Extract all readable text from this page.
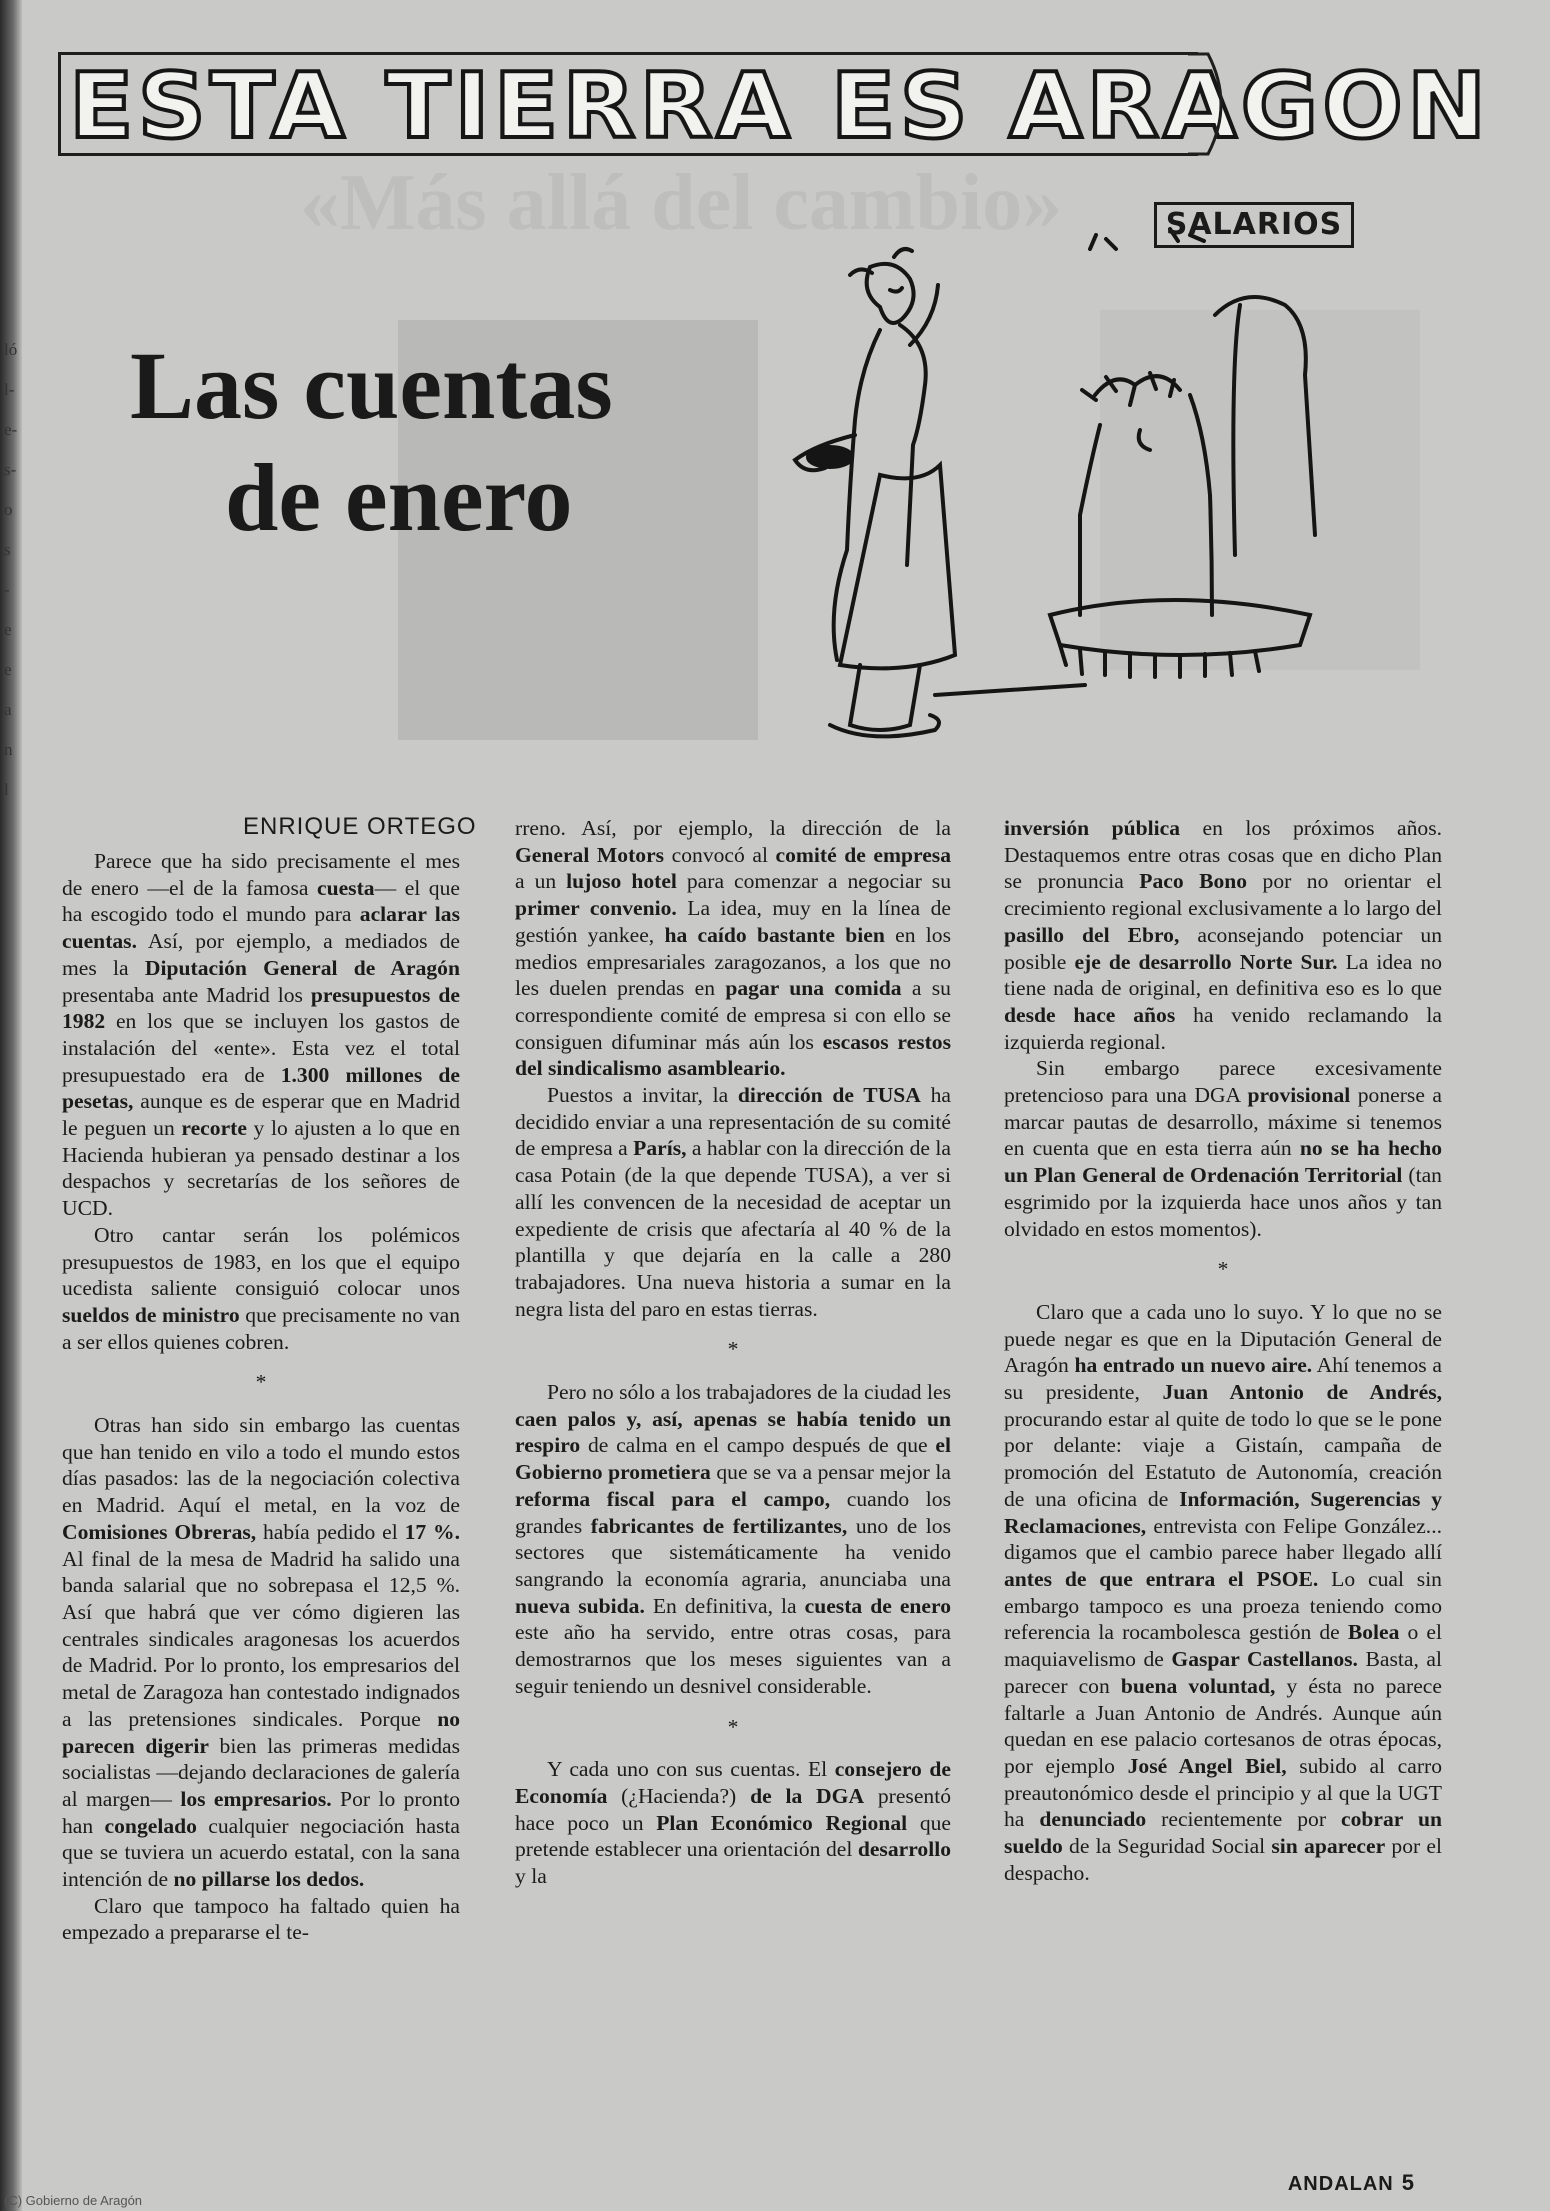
ló
l-
e-
s-
o
s
-
e
e
a
n
l
«Más allá del cambio»
ESTA TIERRA ES ARAGON
Las cuentas
de enero
SALARIOS
ENRIQUE ORTEGO

Parece que ha sido precisamente el mes de enero —el de la famosa cuesta— el que ha escogido todo el mundo para aclarar las cuentas. Así, por ejemplo, a mediados de mes la Diputación General de Aragón presentaba ante Madrid los presupuestos de 1982 en los que se incluyen los gastos de instalación del «ente». Esta vez el total presupuestado era de 1.300 millones de pesetas, aunque es de esperar que en Madrid le peguen un recorte y lo ajusten a lo que en Hacienda hubieran ya pensado destinar a los despachos y secretarías de los señores de UCD.

Otro cantar serán los polémicos presupuestos de 1983, en los que el equipo ucedista saliente consiguió colocar unos sueldos de ministro que precisamente no van a ser ellos quienes cobren.

*

Otras han sido sin embargo las cuentas que han tenido en vilo a todo el mundo estos días pasados: las de la negociación colectiva en Madrid. Aquí el metal, en la voz de Comisiones Obreras, había pedido el 17 %. Al final de la mesa de Madrid ha salido una banda salarial que no sobrepasa el 12,5 %. Así que habrá que ver cómo digieren las centrales sindicales aragonesas los acuerdos de Madrid. Por lo pronto, los empresarios del metal de Zaragoza han contestado indignados a las pretensiones sindicales. Porque no parecen digerir bien las primeras medidas socialistas —dejando declaraciones de galería al margen— los empresarios. Por lo pronto han congelado cualquier negociación hasta que se tuviera un acuerdo estatal, con la sana intención de no pillarse los dedos.

Claro que tampoco ha faltado quien ha empezado a prepararse el te-

rreno. Así, por ejemplo, la dirección de la General Motors convocó al comité de empresa a un lujoso hotel para comenzar a negociar su primer convenio. La idea, muy en la línea de gestión yankee, ha caído bastante bien en los medios empresariales zaragozanos, a los que no les duelen prendas en pagar una comida a su correspondiente comité de empresa si con ello se consiguen difuminar más aún los escasos restos del sindicalismo asambleario.

Puestos a invitar, la dirección de TUSA ha decidido enviar a una representación de su comité de empresa a París, a hablar con la dirección de la casa Potain (de la que depende TUSA), a ver si allí les convencen de la necesidad de aceptar un expediente de crisis que afectaría al 40 % de la plantilla y que dejaría en la calle a 280 trabajadores. Una nueva historia a sumar en la negra lista del paro en estas tierras.

*

Pero no sólo a los trabajadores de la ciudad les caen palos y, así, apenas se había tenido un respiro de calma en el campo después de que el Gobierno prometiera que se va a pensar mejor la reforma fiscal para el campo, cuando los grandes fabricantes de fertilizantes, uno de los sectores que sistemáticamente ha venido sangrando la economía agraria, anunciaba una nueva subida. En definitiva, la cuesta de enero este año ha servido, entre otras cosas, para demostrarnos que los meses siguientes van a seguir teniendo un desnivel considerable.

*

Y cada uno con sus cuentas. El consejero de Economía (¿Hacienda?) de la DGA presentó hace poco un Plan Económico Regional que pretende establecer una orientación del desarrollo y la

inversión pública en los próximos años. Destaquemos entre otras cosas que en dicho Plan se pronuncia Paco Bono por no orientar el crecimiento regional exclusivamente a lo largo del pasillo del Ebro, aconsejando potenciar un posible eje de desarrollo Norte Sur. La idea no tiene nada de original, en definitiva eso es lo que desde hace años ha venido reclamando la izquierda regional.

Sin embargo parece excesivamente pretencioso para una DGA provisional ponerse a marcar pautas de desarrollo, máxime si tenemos en cuenta que en esta tierra aún no se ha hecho un Plan General de Ordenación Territorial (tan esgrimido por la izquierda hace unos años y tan olvidado en estos momentos).

*

Claro que a cada uno lo suyo. Y lo que no se puede negar es que en la Diputación General de Aragón ha entrado un nuevo aire. Ahí tenemos a su presidente, Juan Antonio de Andrés, procurando estar al quite de todo lo que se le pone por delante: viaje a Gistaín, campaña de promoción del Estatuto de Autonomía, creación de una oficina de Información, Sugerencias y Reclamaciones, entrevista con Felipe González... digamos que el cambio parece haber llegado allí antes de que entrara el PSOE. Lo cual sin embargo tampoco es una proeza teniendo como referencia la rocambolesca gestión de Bolea o el maquiavelismo de Gaspar Castellanos. Basta, al parecer con buena voluntad, y ésta no parece faltarle a Juan Antonio de Andrés. Aunque aún quedan en ese palacio cortesanos de otras épocas, por ejemplo José Angel Biel, subido al carro preautonómico desde el principio y al que la UGT ha denunciado recientemente por cobrar un sueldo de la Seguridad Social sin aparecer por el despacho.

ANDALAN 5
(C) Gobierno de Aragón
